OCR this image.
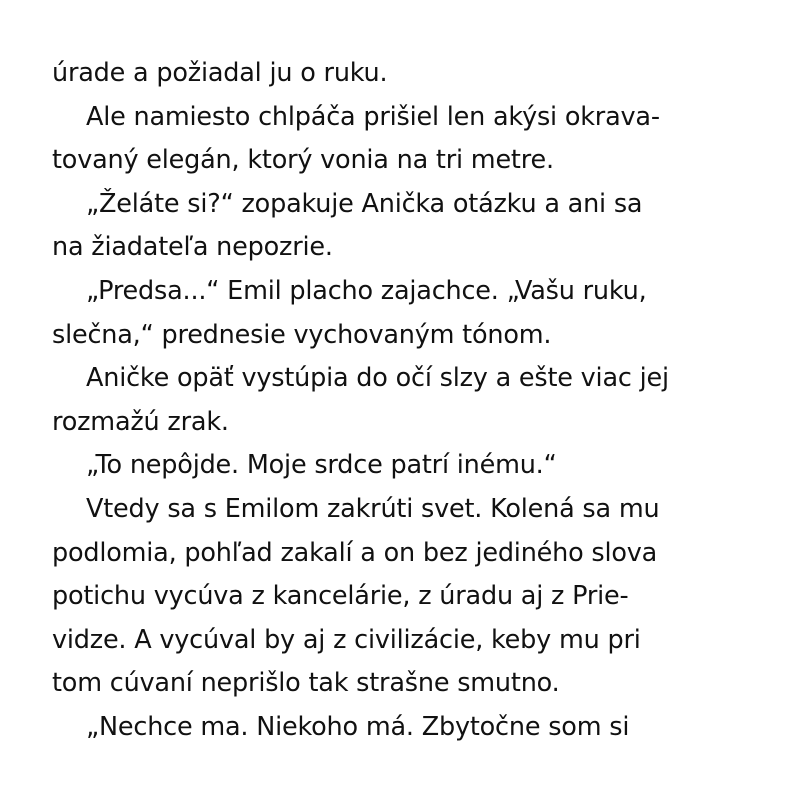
úrade a požiadal ju o ruku.
Ale namiesto chlpáča prišiel len akýsi okrava-
tovaný elegán, ktorý vonia na tri metre.
„Želáte si?“ zopakuje Anička otázku a ani sa
na žiadateľa nepozrie.
„Predsa...“ Emil placho zajachce. „Vašu ruku,
slečna,“ prednesie vychovaným tónom.
Aničke opäť vystúpia do očí slzy a ešte viac jej
rozmažú zrak.
„To nepôjde. Moje srdce patrí inému.“
Vtedy sa s Emilom zakrúti svet. Kolená sa mu
podlomia, pohľad zakalí a on bez jediného slova
potichu vycúva z kancelárie, z úradu aj z Prie-
vidze. A vycúval by aj z civilizácie, keby mu pri
tom cúvaní neprišlo tak strašne smutno.
„Nechce ma. Niekoho má. Zbytočne som si
